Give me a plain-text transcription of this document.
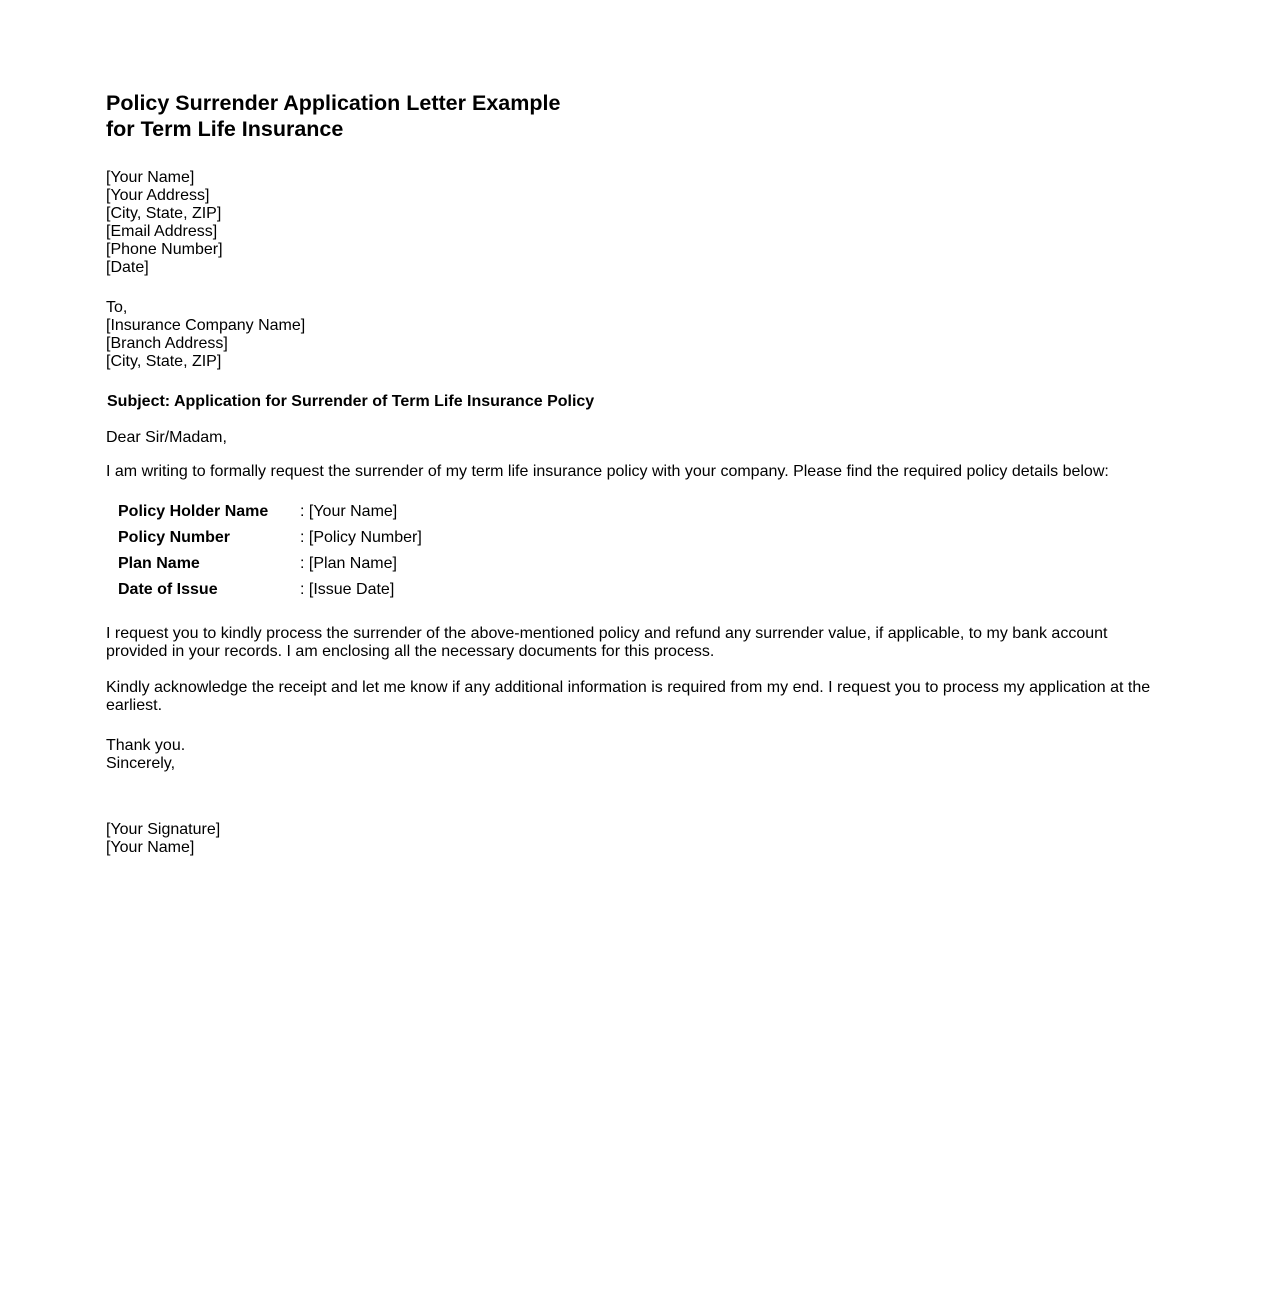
Policy Surrender Application Letter Example
for Term Life Insurance
[Your Name]
[Your Address]
[City, State, ZIP]
[Email Address]
[Phone Number]
[Date]
To,
[Insurance Company Name]
[Branch Address]
[City, State, ZIP]
Subject: Application for Surrender of Term Life Insurance Policy
Dear Sir/Madam,

I am writing to formally request the surrender of my term life insurance policy with your company. Please find the required policy details below:

Policy Holder Name	: [Your Name]
Policy Number	: [Policy Number]
Plan Name	: [Plan Name]
Date of Issue	: [Issue Date]

I request you to kindly process the surrender of the above-mentioned policy and refund any surrender value, if applicable, to my bank account provided in your records. I am enclosing all the necessary documents for this process.

Kindly acknowledge the receipt and let me know if any additional information is required from my end. I request you to process my application at the earliest.

Thank you.
Sincerely,
[Your Signature]
[Your Name]
